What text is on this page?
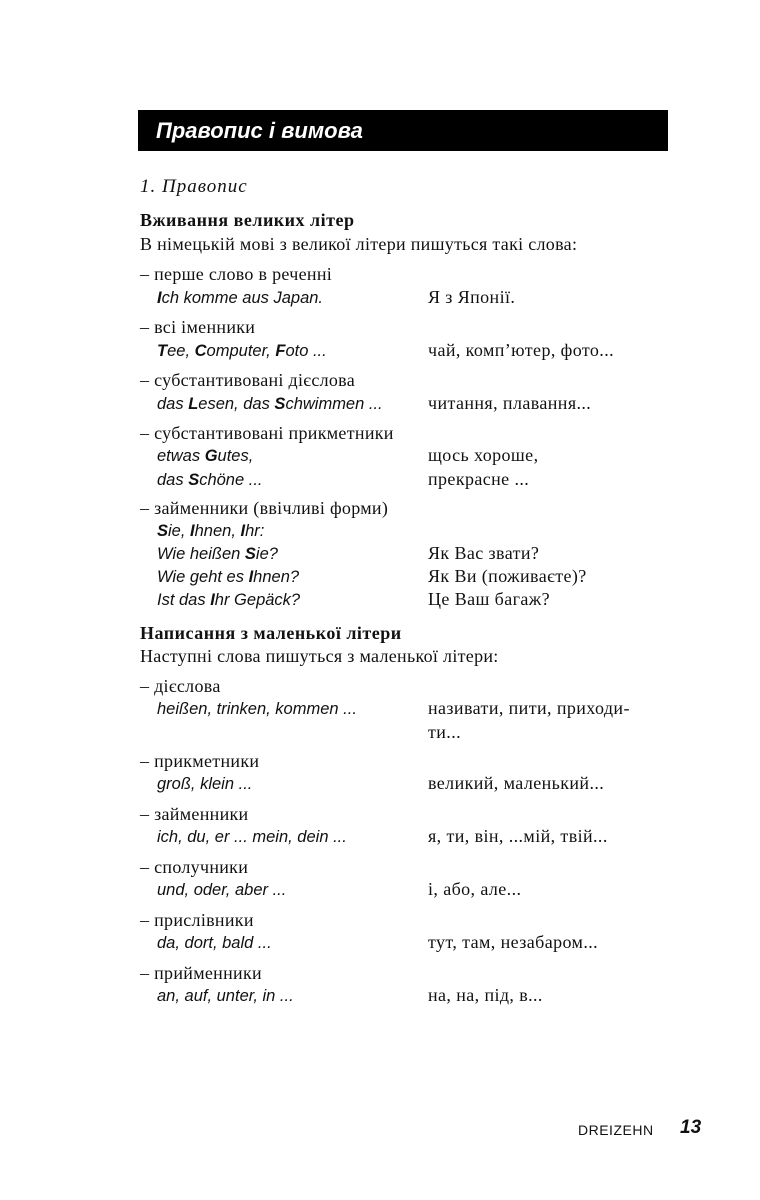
Правопис і вимова
1. Правопис
Вживання великих літер
В німецькій мові з великої літери пишуться такі слова:
– перше слово в реченні
Ich komme aus Japan.	Я з Японії.
– всі іменники
Tee, Computer, Foto ...	чай, комп’ютер, фото...
– субстантивовані дієслова
das Lesen, das Schwimmen ...	читання, плавання...
– субстантивовані прикметники
etwas Gutes,	щось хороше,
das Schöne ...	прекрасне ...
– займенники (ввічливі форми)
Sie, Ihnen, Ihr:
Wie heißen Sie?	Як Вас звати?
Wie geht es Ihnen?	Як Ви (поживаєте)?
Ist das Ihr Gepäck?	Це Ваш багаж?
Написання з маленької літери
Наступні слова пишуться з маленької літери:
– дієслова
heißen, trinken, kommen ...	називати, пити, приходи-
ти...
– прикметники
groß, klein ...	великий, маленький...
– займенники
ich, du, er ... mein, dein ...	я, ти, він, ...мій, твій...
– сполучники
und, oder, aber ...	і, або, але...
– прислівники
da, dort, bald ...	тут, там, незабаром...
– прийменники
an, auf, unter, in ...	на, на, під, в...
DREIZEHN 13
